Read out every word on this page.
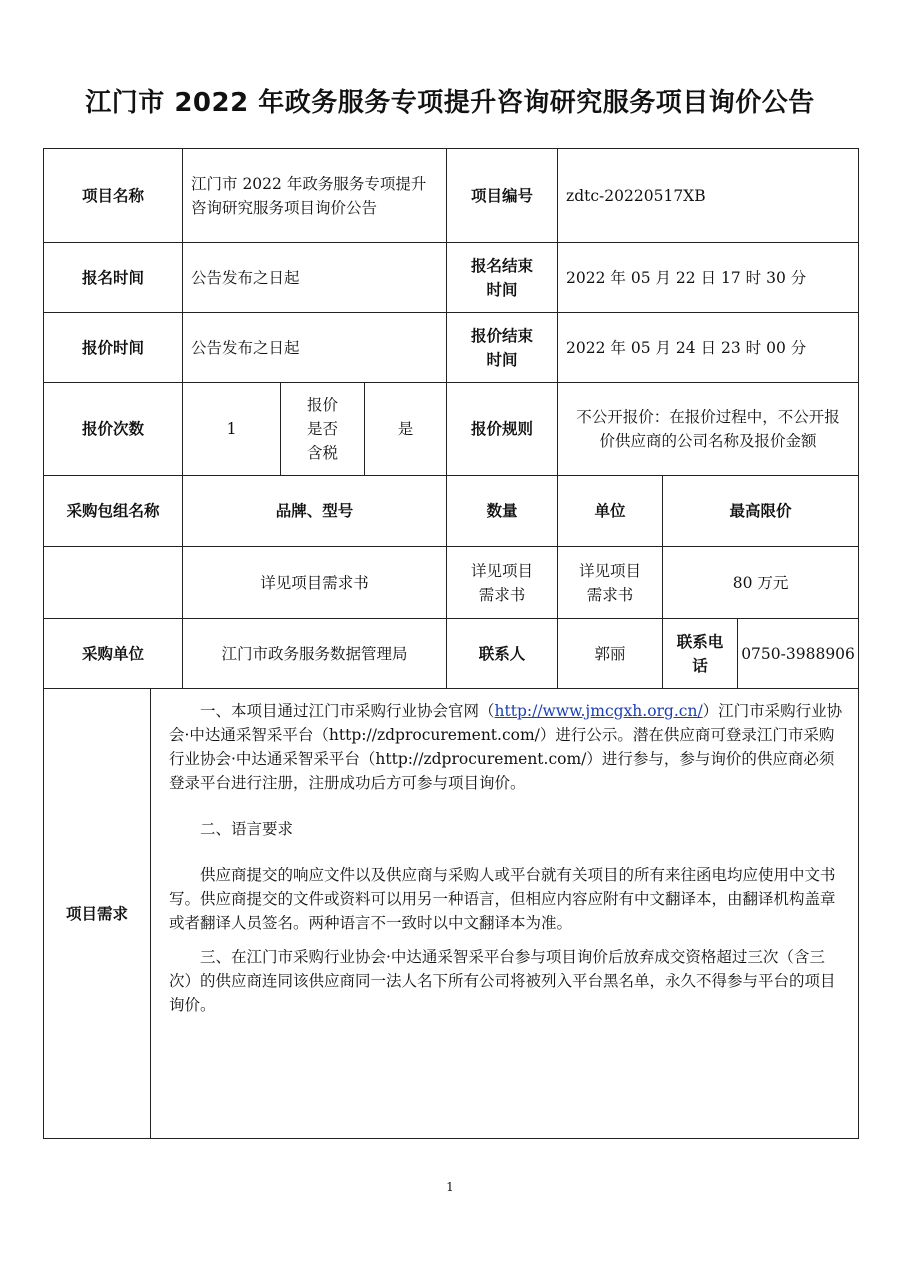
江门市 2022 年政务服务专项提升咨询研究服务项目询价公告
项目名称		江门市 2022 年政务服务专项提升咨询研究服务项目询价公告			项目编号	zdtc-20220517XB		
报名时间		公告发布之日起			报名结束时间	2022 年 05 月 22 日 17 时 30 分		
报价时间		公告发布之日起			报价结束时间	2022 年 05 月 24 日 23 时 00 分		
报价次数		1	报价是否含税	是	报价规则	不公开报价：在报价过程中，不公开报价供应商的公司名称及报价金额		
采购包组名称		品牌、型号			数量	单位	最高限价	
		详见项目需求书			详见项目需求书	详见项目需求书	80 万元	
采购单位		江门市政务服务数据管理局			联系人	郭丽	联系电话	0750-3988906
项目需求	一、本项目通过江门市采购行业协会官网（http://www.jmcgxh.org.cn/）江门市采购行业协会·中达通采智采平台（http://zdprocurement.com/）进行公示。潜在供应商可登录江门市采购行业协会·中达通采智采平台（http://zdprocurement.com/）进行参与，参与询价的供应商必须登录平台进行注册，注册成功后方可参与项目询价。

二、语言要求

供应商提交的响应文件以及供应商与采购人或平台就有关项目的所有来往函电均应使用中文书写。供应商提交的文件或资料可以用另一种语言，但相应内容应附有中文翻译本，由翻译机构盖章或者翻译人员签名。两种语言不一致时以中文翻译本为准。

三、在江门市采购行业协会·中达通采智采平台参与项目询价后放弃成交资格超过三次（含三次）的供应商连同该供应商同一法人名下所有公司将被列入平台黑名单，永久不得参与平台的项目询价。							

1
